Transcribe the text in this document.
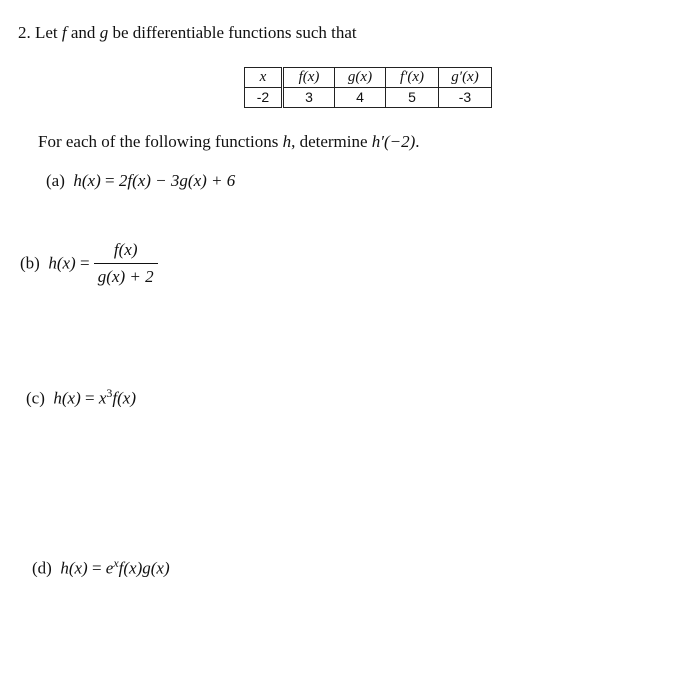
2. Let f and g be differentiable functions such that
x	f(x)	g(x)	f′(x)	g′(x)
-2	3	4	5	-3
For each of the following functions h, determine h′(−2).
(a) h(x) = 2f(x) − 3g(x) + 6
(b) $h(x) = \frac{f(x)}{g(x) + 2}$
(c) $h(x) = x^3f(x)$
(d) $h(x) = e^xf(x)g(x)$
